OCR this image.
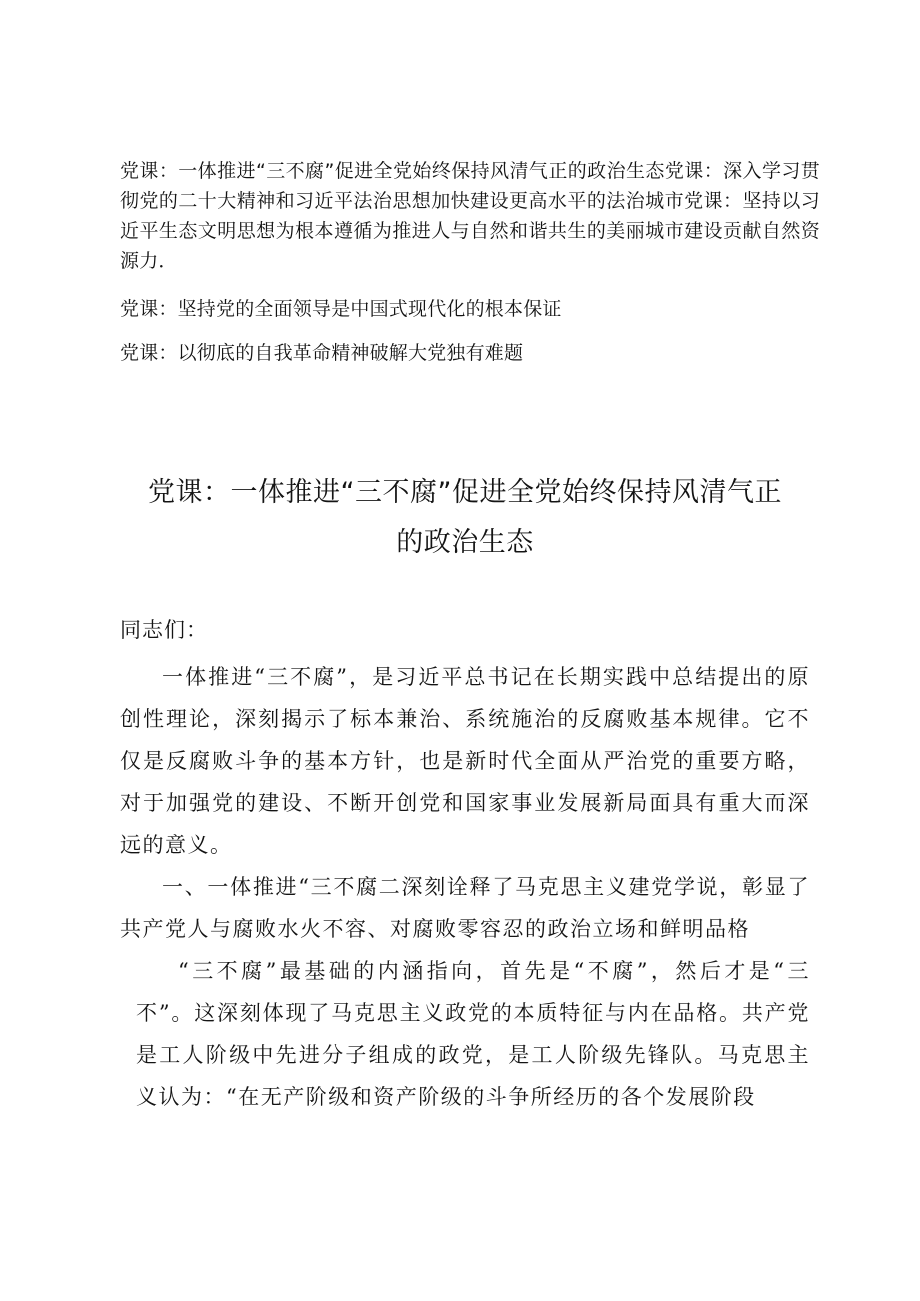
党课：一体推进“三不腐”促进全党始终保持风清气正的政治生态党课：深入学习贯彻党的二十大精神和习近平法治思想加快建设更高水平的法治城市党课：坚持以习近平生态文明思想为根本遵循为推进人与自然和谐共生的美丽城市建设贡献自然资源力．
党课：坚持党的全面领导是中国式现代化的根本保证
党课：以彻底的自我革命精神破解大党独有难题
党课：一体推进“三不腐”促进全党始终保持风清气正
的政治生态

同志们：

一体推进“三不腐”，是习近平总书记在长期实践中总结提出的原创性理论，深刻揭示了标本兼治、系统施治的反腐败基本规律。它不仅是反腐败斗争的基本方针，也是新时代全面从严治党的重要方略，对于加强党的建设、不断开创党和国家事业发展新局面具有重大而深远的意义。

一、一体推进“三不腐二深刻诠释了马克思主义建党学说，彰显了共产党人与腐败水火不容、对腐败零容忍的政治立场和鲜明品格

“三不腐”最基础的内涵指向，首先是“不腐”，然后才是“三不”。这深刻体现了马克思主义政党的本质特征与内在品格。共产党是工人阶级中先进分子组成的政党，是工人阶级先锋队。马克思主义认为：“在无产阶级和资产阶级的斗争所经历的各个发展阶段
